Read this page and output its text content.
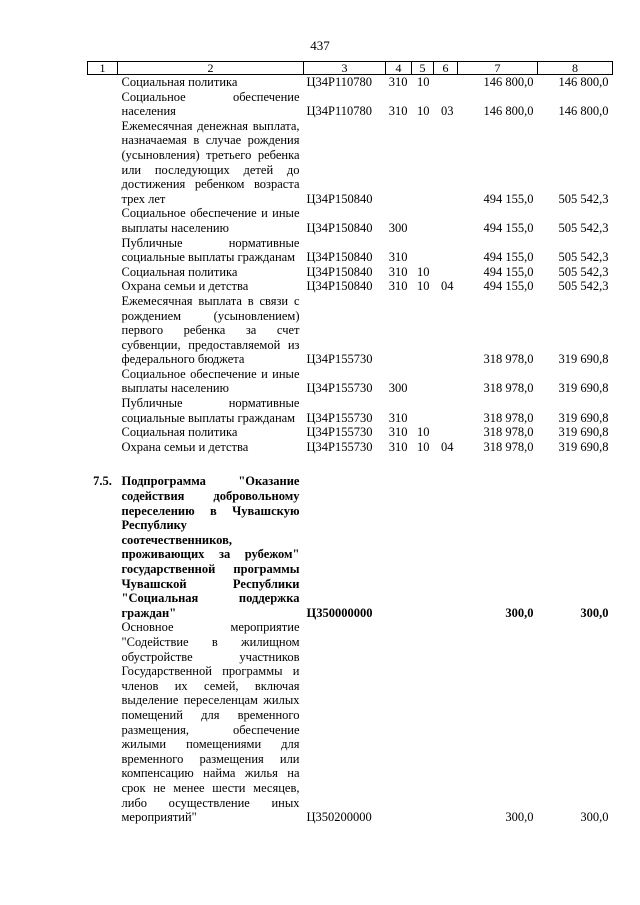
437
1	2	3	4	5	6	7	8
	Социальная политика	Ц34Р110780	310	10		146 800,0	146 800,0
	Социальное обеспечение населения	Ц34Р110780	310	10	03	146 800,0	146 800,0
	Ежемесячная денежная выплата, назначаемая в случае рождения (усыновления) третьего ребенка или последующих детей до достижения ребенком возраста трех лет	Ц34Р150840				494 155,0	505 542,3
	Социальное обеспечение и иные выплаты населению	Ц34Р150840	300			494 155,0	505 542,3
	Публичные нормативные социальные выплаты гражданам	Ц34Р150840	310			494 155,0	505 542,3
	Социальная политика	Ц34Р150840	310	10		494 155,0	505 542,3
	Охрана семьи и детства	Ц34Р150840	310	10	04	494 155,0	505 542,3
	Ежемесячная выплата в связи с рождением (усыновлением) первого ребенка за счет субвенции, предоставляемой из федерального бюджета	Ц34Р155730				318 978,0	319 690,8
	Социальное обеспечение и иные выплаты населению	Ц34Р155730	300			318 978,0	319 690,8
	Публичные нормативные социальные выплаты гражданам	Ц34Р155730	310			318 978,0	319 690,8
	Социальная политика	Ц34Р155730	310	10		318 978,0	319 690,8
	Охрана семьи и детства	Ц34Р155730	310	10	04	318 978,0	319 690,8

7.5.	Подпрограмма "Оказание содействия добровольному переселению в Чувашскую Республику соотечественников, проживающих за рубежом" государственной программы Чувашской Республики "Социальная поддержка граждан"	Ц350000000				300,0	300,0
	Основное мероприятие "Содействие в жилищном обустройстве участников Государственной программы и членов их семей, включая выделение переселенцам жилых помещений для временного размещения, обеспечение жилыми помещениями для временного размещения или компенсацию найма жилья на срок не менее шести месяцев, либо осуществление иных мероприятий"	Ц350200000				300,0	300,0
